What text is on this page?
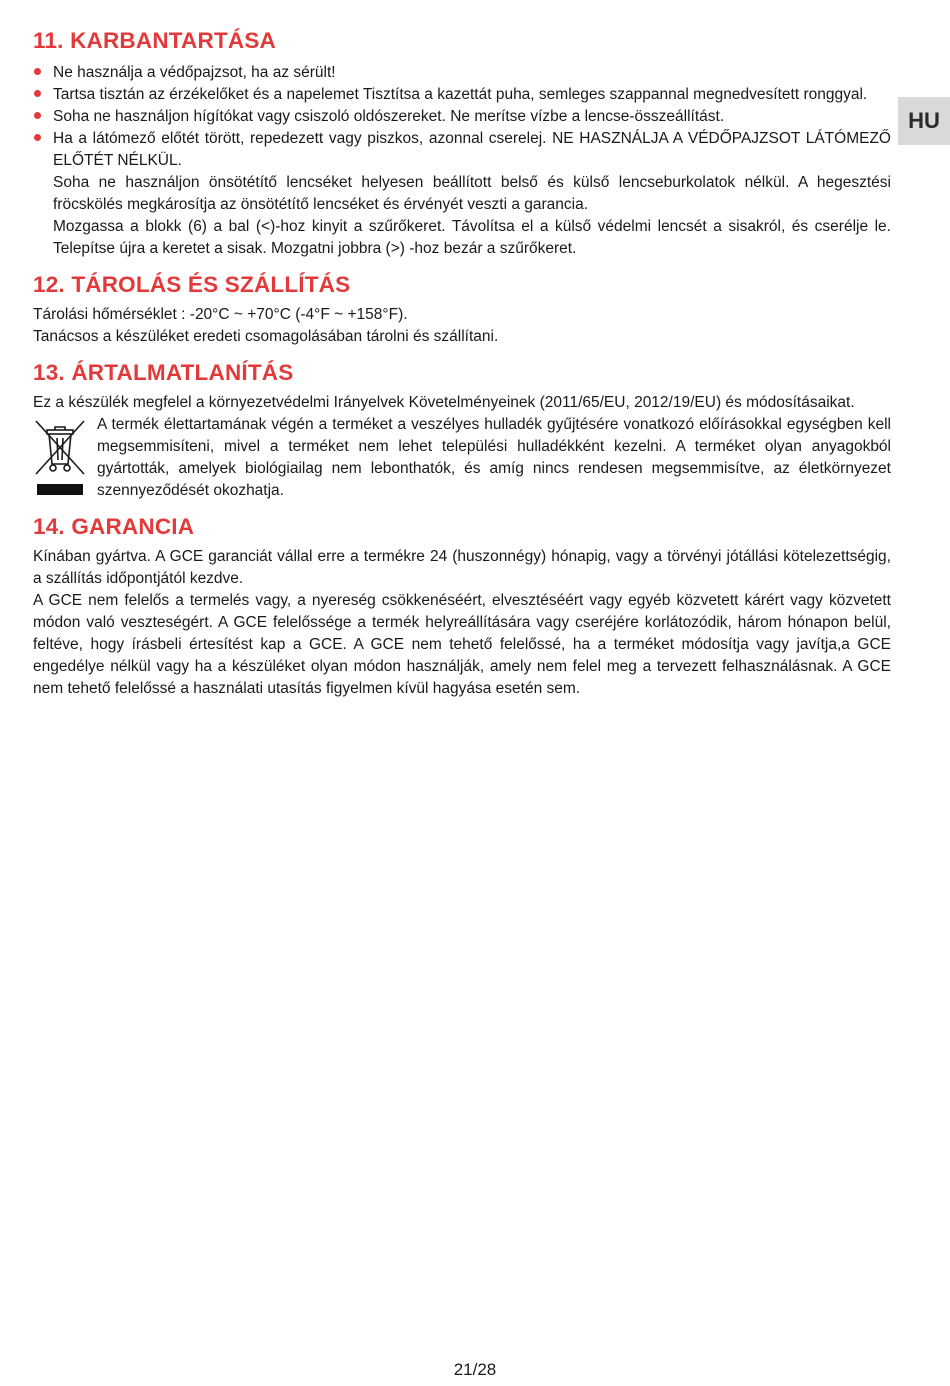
HU
11. KARBANTARTÁSA
Ne használja a védőpajzsot, ha az sérült!
Tartsa tisztán az érzékelőket és a napelemet Tisztítsa a kazettát puha, semleges szappannal megnedvesített ronggyal.
Soha ne használjon hígítókat vagy csiszoló oldószereket. Ne merítse vízbe a lencse-összeállítást.
Ha a látómező előtét törött, repedezett vagy piszkos, azonnal cserelej. NE HASZNÁLJA A VÉDŐPAJZSOT LÁTÓMEZŐ ELŐTÉT NÉLKÜL.

Soha ne használjon önsötétítő lencséket helyesen beállított belső és külső lencseburkolatok nélkül. A hegesztési fröcskölés megkárosítja az önsötétítő lencséket és érvényét veszti a garancia.

Mozgassa a blokk (6) a bal (<)-hoz kinyit a szűrőkeret. Távolítsa el a külső védelmi lencsét a sisakról, és cserélje le. Telepítse újra a keretet a sisak. Mozgatni jobbra (>) -hoz bezár a szűrőkeret.

12. TÁROLÁS ÉS SZÁLLÍTÁS

Tárolási hőmérséklet : -20°C ~ +70°C (-4°F ~ +158°F).

Tanácsos a készüléket eredeti csomagolásában tárolni és szállítani.

13. ÁRTALMATLANÍTÁS

Ez a készülék megfelel a környezetvédelmi Irányelvek Követelményeinek (2011/65/EU, 2012/19/EU) és módosításaikat.

A termék élettartamának végén a terméket a veszélyes hulladék gyűjtésére vonatkozó előírásokkal egységben kell megsemmisíteni, mivel a terméket nem lehet települési hulladékként kezelni. A terméket olyan anyagokból gyártották, amelyek biológiailag nem lebonthatók, és amíg nincs rendesen megsemmisítve, az életkörnyezet szennyeződését okozhatja.

14. GARANCIA

Kínában gyártva. A GCE garanciát vállal erre a termékre 24 (huszonnégy) hónapig, vagy a törvényi jótállási kötelezettségig, a szállítás időpontjától kezdve.

A GCE nem felelős a termelés vagy, a nyereség csökkenéséért, elvesztéséért vagy egyéb közvetett kárért vagy közvetett módon való veszteségért. A GCE felelőssége a termék helyreállítására vagy cseréjére korlátozódik, három hónapon belül, feltéve, hogy írásbeli értesítést kap a GCE. A GCE nem tehető felelőssé, ha a terméket módosítja vagy javítja,a GCE engedélye nélkül vagy ha a készüléket olyan módon használják, amely nem felel meg a tervezett felhasználásnak. A GCE nem tehető felelőssé a használati utasítás figyelmen kívül hagyása esetén sem.

21/28
